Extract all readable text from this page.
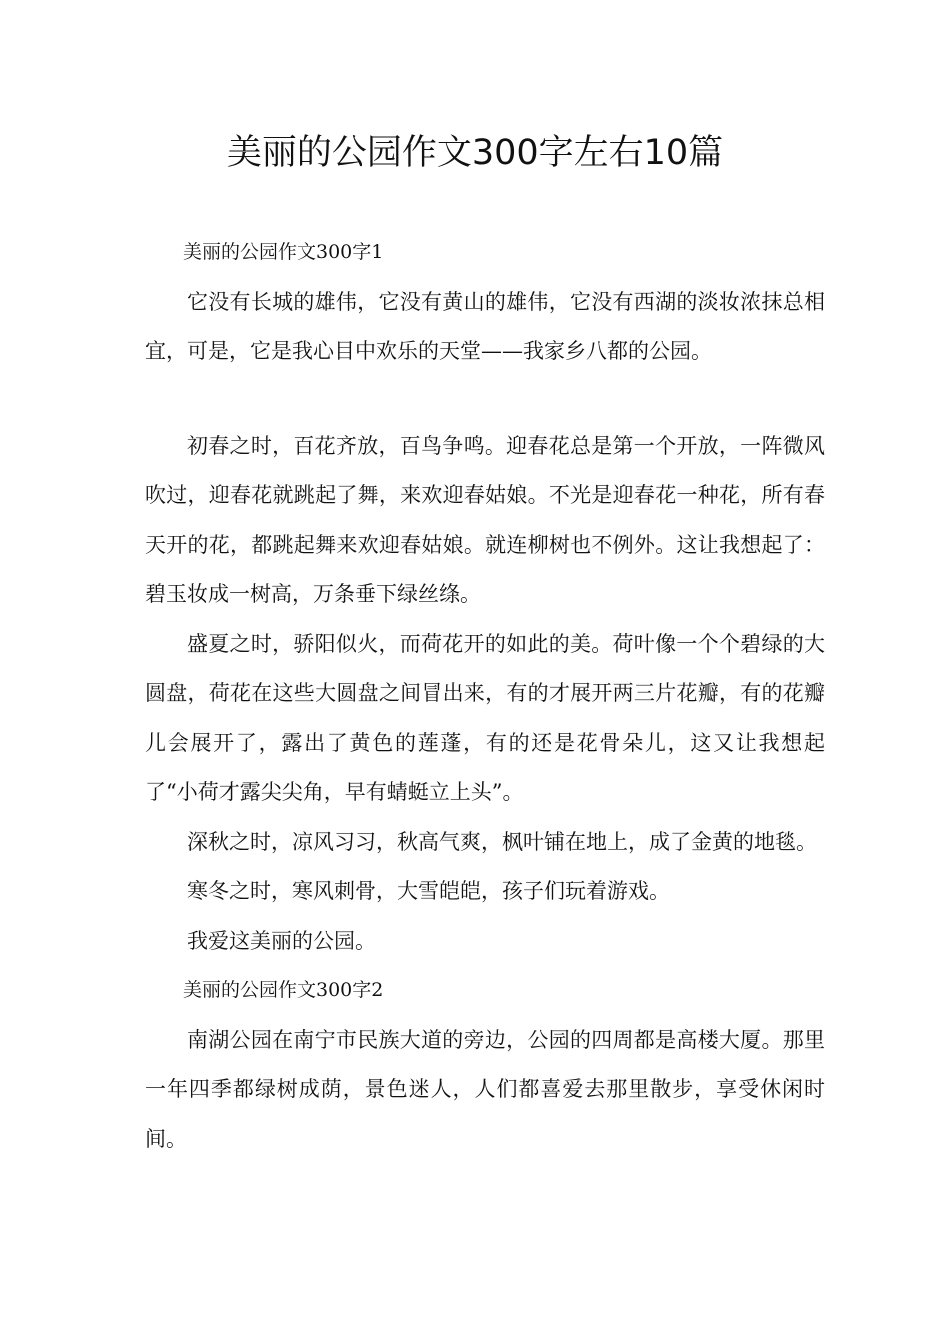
美丽的公园作文300字左右10篇

美丽的公园作文300字1

它没有长城的雄伟，它没有黄山的雄伟，它没有西湖的淡妆浓抹总相宜，可是，它是我心目中欢乐的天堂——我家乡八都的公园。

初春之时，百花齐放，百鸟争鸣。迎春花总是第一个开放，一阵微风吹过，迎春花就跳起了舞，来欢迎春姑娘。不光是迎春花一种花，所有春天开的花，都跳起舞来欢迎春姑娘。就连柳树也不例外。这让我想起了：碧玉妆成一树高，万条垂下绿丝绦。

盛夏之时，骄阳似火，而荷花开的如此的美。荷叶像一个个碧绿的大圆盘，荷花在这些大圆盘之间冒出来，有的才展开两三片花瓣，有的花瓣儿会展开了，露出了黄色的莲蓬，有的还是花骨朵儿，这又让我想起了“小荷才露尖尖角，早有蜻蜓立上头”。

深秋之时，凉风习习，秋高气爽，枫叶铺在地上，成了金黄的地毯。

寒冬之时，寒风刺骨，大雪皑皑，孩子们玩着游戏。

我爱这美丽的公园。

美丽的公园作文300字2

南湖公园在南宁市民族大道的旁边，公园的四周都是高楼大厦。那里一年四季都绿树成荫，景色迷人，人们都喜爱去那里散步，享受休闲时间。
